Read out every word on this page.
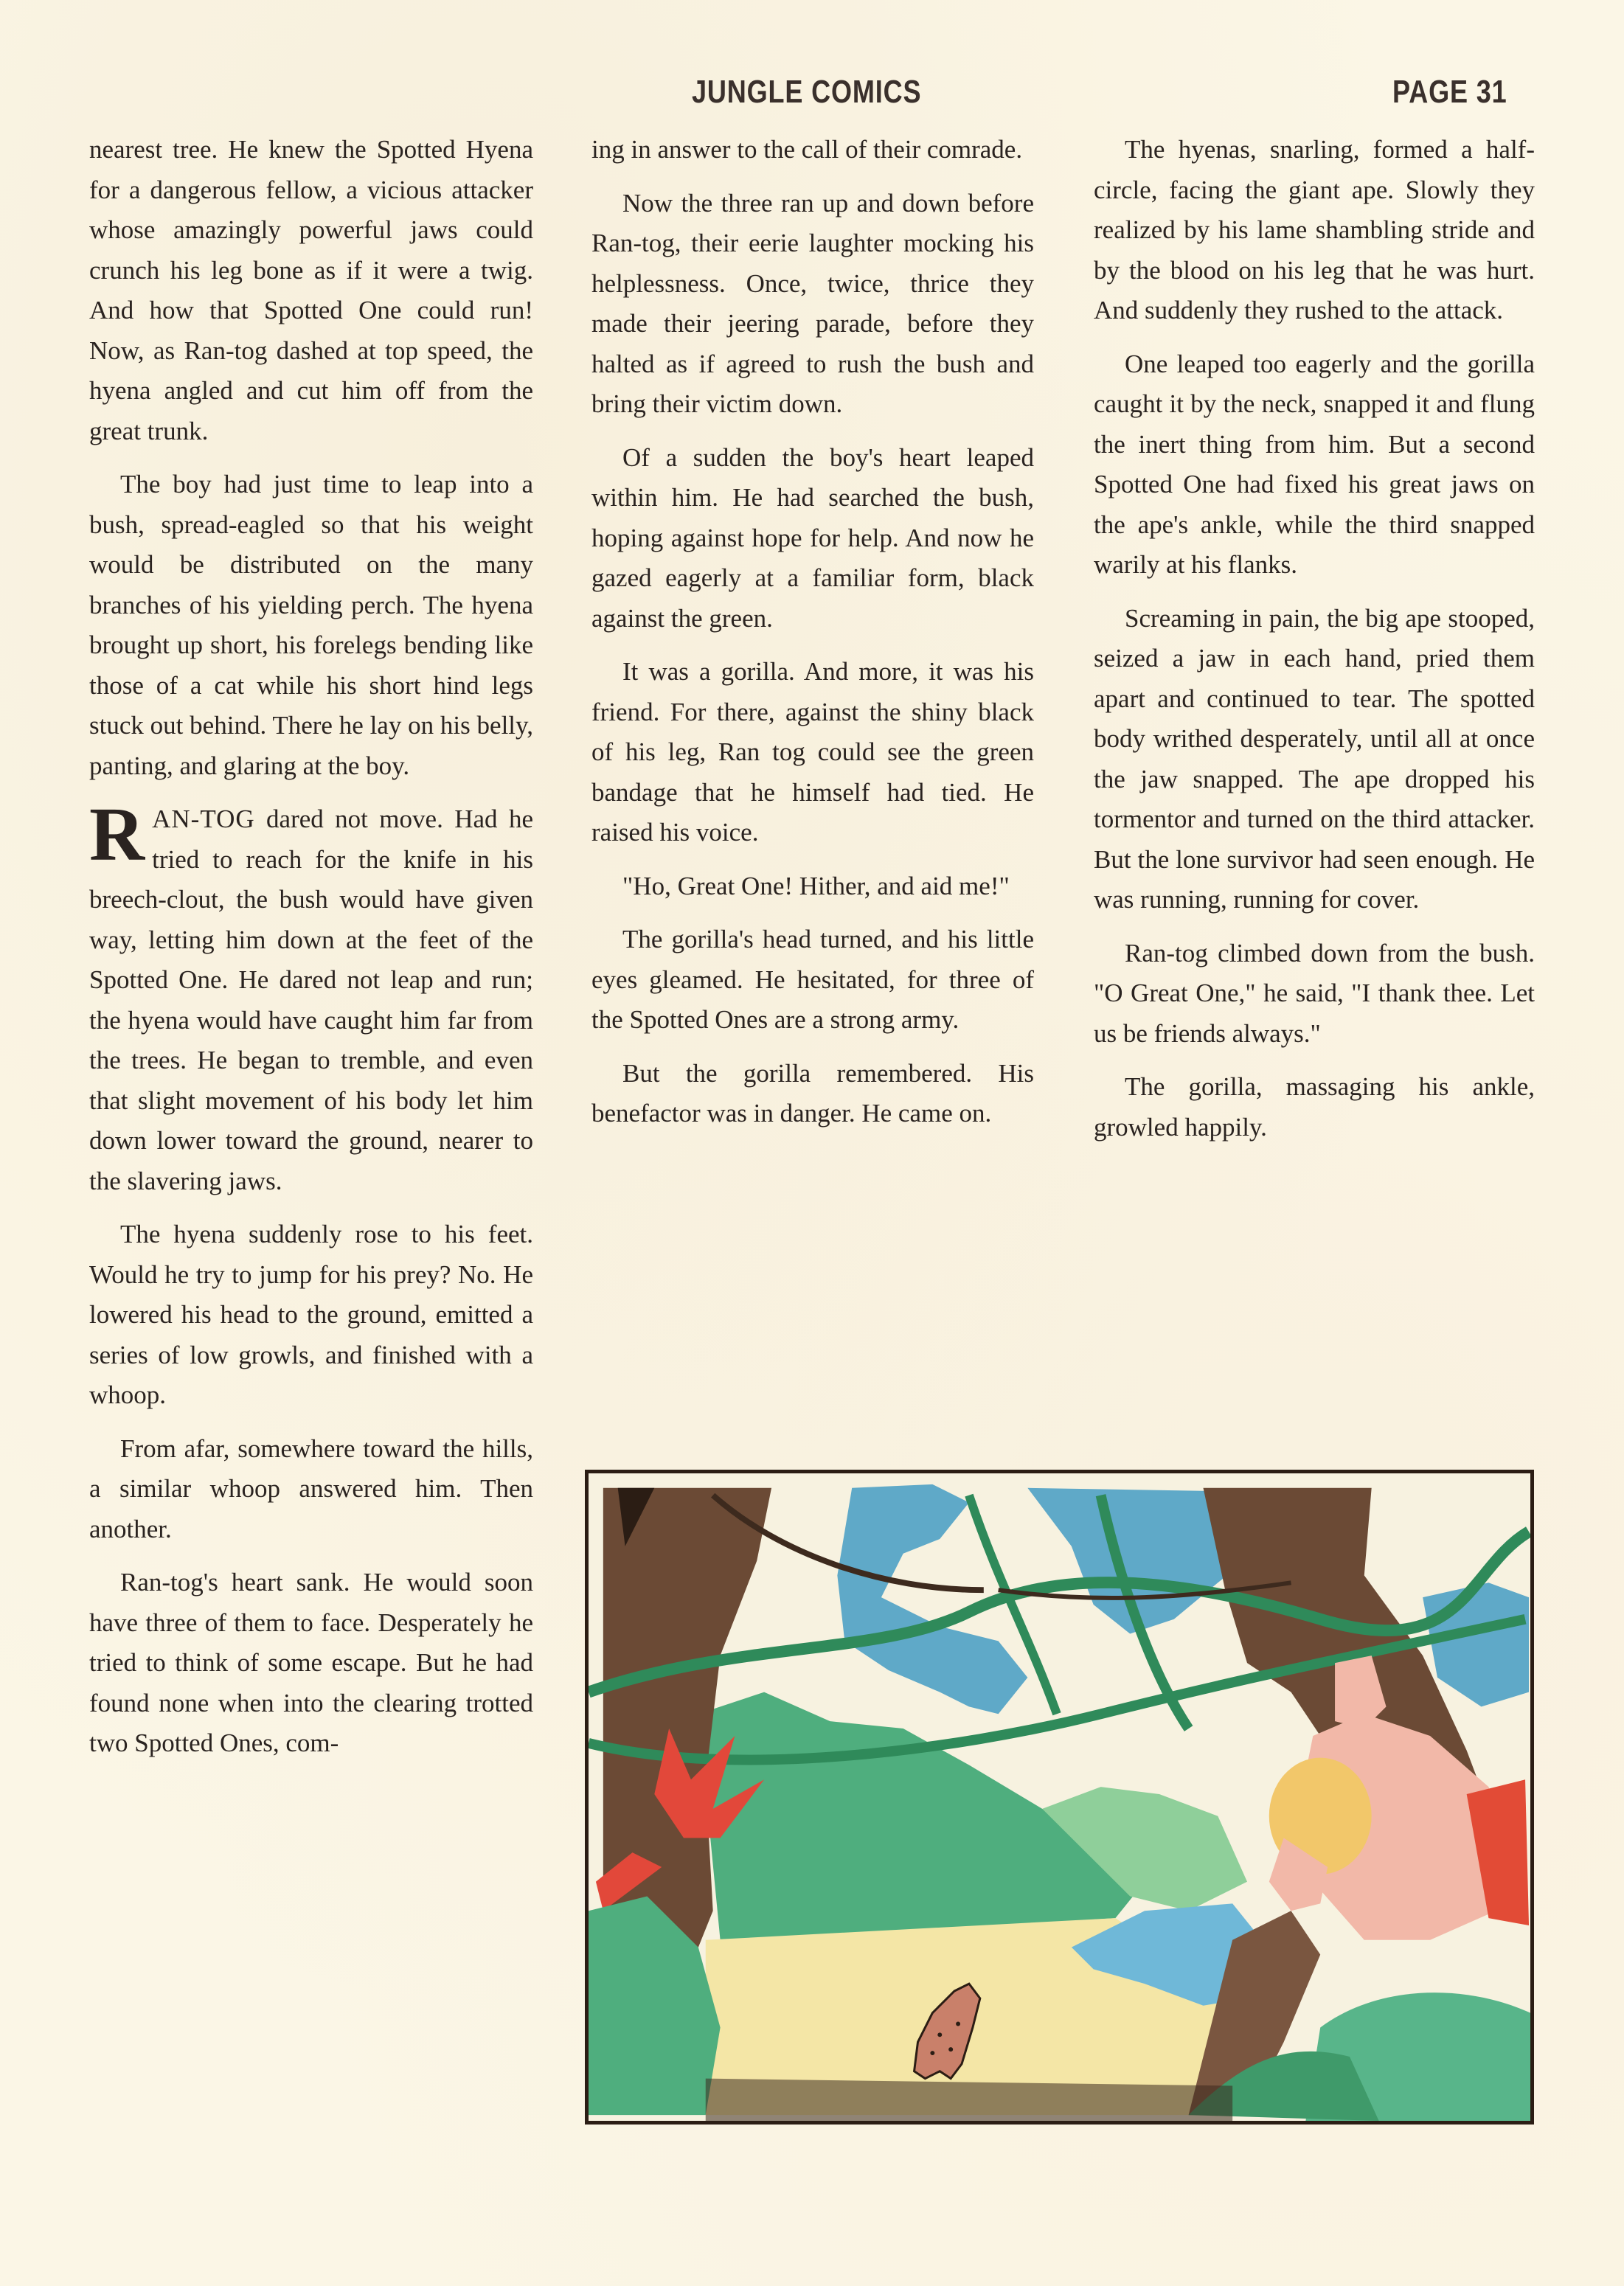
JUNGLE COMICS	PAGE 31

nearest tree. He knew the Spotted Hyena for a dangerous fellow, a vicious attacker whose amazingly powerful jaws could crunch his leg bone as if it were a twig. And how that Spotted One could run! Now, as Ran-tog dashed at top speed, the hyena angled and cut him off from the great trunk.

The boy had just time to leap into a bush, spread-eagled so that his weight would be distributed on the many branches of his yielding perch. The hyena brought up short, his forelegs bending like those of a cat while his short hind legs stuck out behind. There he lay on his belly, panting, and glaring at the boy.

RAN-TOG dared not move. Had he tried to reach for the knife in his breech-clout, the bush would have given way, letting him down at the feet of the Spotted One. He dared not leap and run; the hyena would have caught him far from the trees. He began to tremble, and even that slight movement of his body let him down lower toward the ground, nearer to the slavering jaws.

The hyena suddenly rose to his feet. Would he try to jump for his prey? No. He lowered his head to the ground, emitted a series of low growls, and finished with a whoop.

From afar, somewhere toward the hills, a similar whoop answered him. Then another.

Ran-tog's heart sank. He would soon have three of them to face. Desperately he tried to think of some escape. But he had found none when into the clearing trotted two Spotted Ones, com-

ing in answer to the call of their comrade.

Now the three ran up and down before Ran-tog, their eerie laughter mocking his helplessness. Once, twice, thrice they made their jeering parade, before they halted as if agreed to rush the bush and bring their victim down.

Of a sudden the boy's heart leaped within him. He had searched the bush, hoping against hope for help. And now he gazed eagerly at a familiar form, black against the green.

It was a gorilla. And more, it was his friend. For there, against the shiny black of his leg, Ran tog could see the green bandage that he himself had tied. He raised his voice.

"Ho, Great One! Hither, and aid me!"

The gorilla's head turned, and his little eyes gleamed. He hesitated, for three of the Spotted Ones are a strong army.

But the gorilla remembered. His benefactor was in danger. He came on.

The hyenas, snarling, formed a half-circle, facing the giant ape. Slowly they realized by his lame shambling stride and by the blood on his leg that he was hurt. And suddenly they rushed to the attack.

One leaped too eagerly and the gorilla caught it by the neck, snapped it and flung the inert thing from him. But a second Spotted One had fixed his great jaws on the ape's ankle, while the third snapped warily at his flanks.

Screaming in pain, the big ape stooped, seized a jaw in each hand, pried them apart and continued to tear. The spotted body writhed desperately, until all at once the jaw snapped. The ape dropped his tormentor and turned on the third attacker. But the lone survivor had seen enough. He was running, running for cover.

Ran-tog climbed down from the bush. "O Great One," he said, "I thank thee. Let us be friends always."

The gorilla, massaging his ankle, growled happily.
